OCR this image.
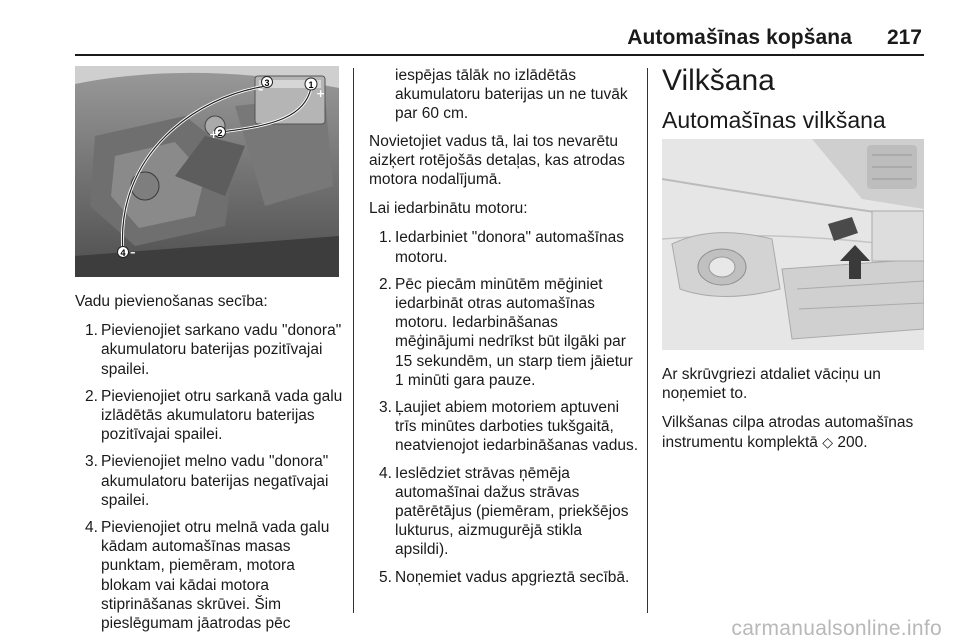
Automašīnas kopšana 217
3	1
2
4
–	+
+
–

Vadu pievienošanas secība:

1. Pievienojiet sarkano vadu "donora" akumulatoru baterijas pozitīvajai spailei.
2. Pievienojiet otru sarkanā vada galu izlādētās akumulatoru baterijas pozitīvajai spailei.
3. Pievienojiet melno vadu "donora" akumulatoru baterijas negatīvajai spailei.
4. Pievienojiet otru melnā vada galu kādam automašīnas masas punktam, piemēram, motora blokam vai kādai motora stiprināšanas skrūvei. Šim pieslēgumam jāatrodas pēc

iespējas tālāk no izlādētās akumulatoru baterijas un ne tuvāk par 60 cm.

Novietojiet vadus tā, lai tos nevarētu aizķert rotējošās detaļas, kas atrodas motora nodalījumā.

Lai iedarbinātu motoru:

1. Iedarbiniet "donora" automašīnas motoru.
2. Pēc piecām minūtēm mēģiniet iedarbināt otras automašīnas motoru. Iedarbināšanas mēģinājumi nedrīkst būt ilgāki par 15 sekundēm, un starp tiem jāietur 1 minūti gara pauze.
3. Ļaujiet abiem motoriem aptuveni trīs minūtes darboties tukšgaitā, neatvienojot iedarbināšanas vadus.
4. Ieslēdziet strāvas ņēmēja automašīnai dažus strāvas patērētājus (piemēram, priekšējos lukturus, aizmugurējā stikla apsildi).
5. Noņemiet vadus apgrieztā secībā.
Vilkšana
Automašīnas vilkšana

Ar skrūvgriezi atdaliet vāciņu un noņemiet to.

Vilkšanas cilpa atrodas automašīnas instrumentu komplektā ◇ 200.

carmanualsonline.info
